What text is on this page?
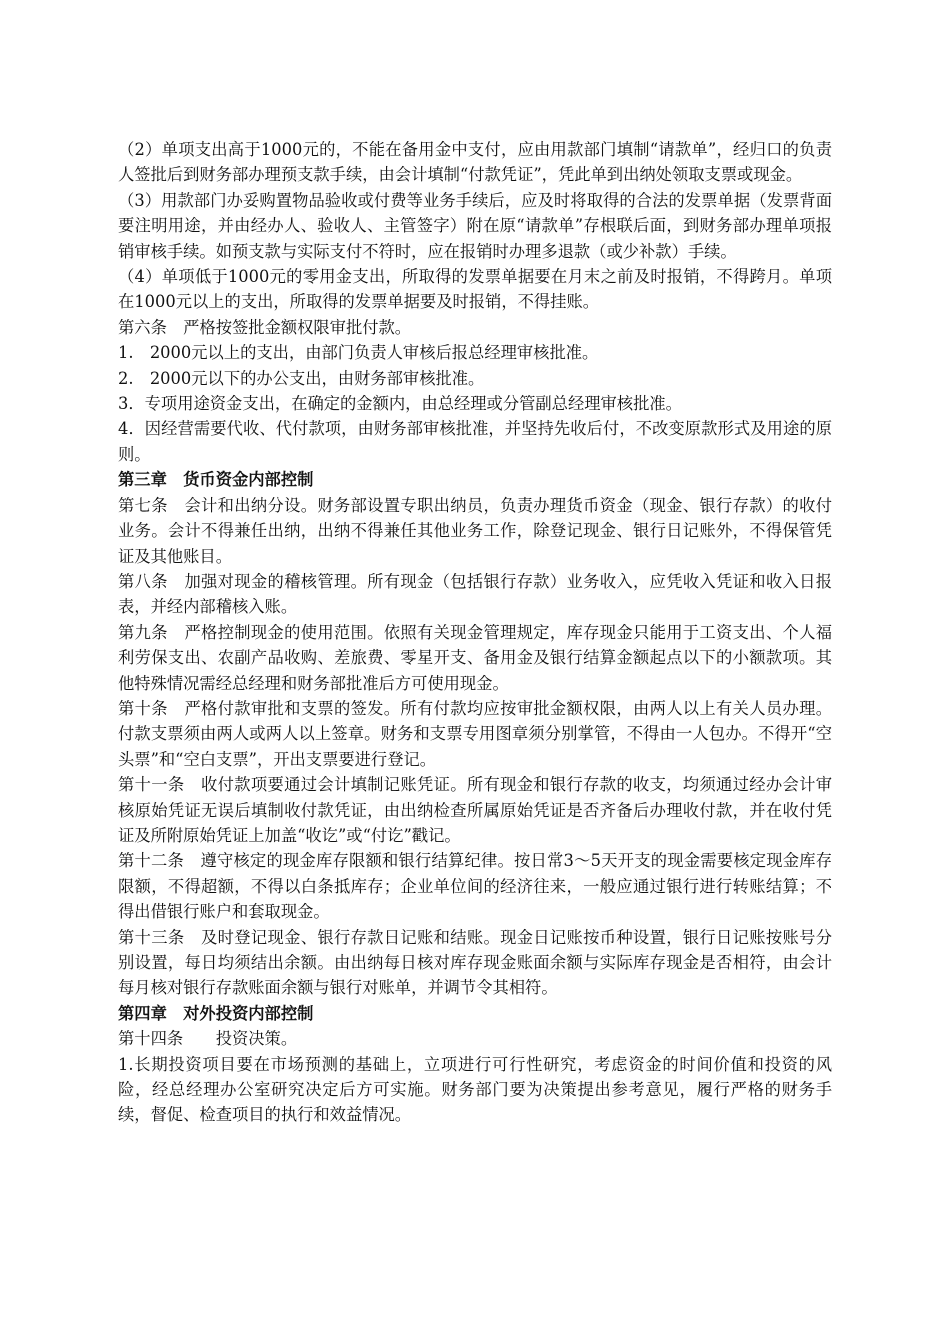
（2）单项支出高于1000元的，不能在备用金中支付，应由用款部门填制“请款单”，经归口的负责人签批后到财务部办理预支款手续，由会计填制“付款凭证”，凭此单到出纳处领取支票或现金。

（3）用款部门办妥购置物品验收或付费等业务手续后，应及时将取得的合法的发票单据（发票背面要注明用途，并由经办人、验收人、主管签字）附在原“请款单”存根联后面，到财务部办理单项报销审核手续。如预支款与实际支付不符时，应在报销时办理多退款（或少补款）手续。

（4）单项低于1000元的零用金支出，所取得的发票单据要在月末之前及时报销，不得跨月。单项在1000元以上的支出，所取得的发票单据要及时报销，不得挂账。

第六条　严格按签批金额权限审批付款。

1.　2000元以上的支出，由部门负责人审核后报总经理审核批准。

2.　2000元以下的办公支出，由财务部审核批准。

3．专项用途资金支出，在确定的金额内，由总经理或分管副总经理审核批准。

4．因经营需要代收、代付款项，由财务部审核批准，并坚持先收后付，不改变原款形式及用途的原则。

第三章　货币资金内部控制

第七条　会计和出纳分设。财务部设置专职出纳员，负责办理货币资金（现金、银行存款）的收付业务。会计不得兼任出纳，出纳不得兼任其他业务工作，除登记现金、银行日记账外，不得保管凭证及其他账目。

第八条　加强对现金的稽核管理。所有现金（包括银行存款）业务收入，应凭收入凭证和收入日报表，并经内部稽核入账。

第九条　严格控制现金的使用范围。依照有关现金管理规定，库存现金只能用于工资支出、个人福利劳保支出、农副产品收购、差旅费、零星开支、备用金及银行结算金额起点以下的小额款项。其他特殊情况需经总经理和财务部批准后方可使用现金。

第十条　严格付款审批和支票的签发。所有付款均应按审批金额权限，由两人以上有关人员办理。付款支票须由两人或两人以上签章。财务和支票专用图章须分别掌管，不得由一人包办。不得开“空头票”和“空白支票”，开出支票要进行登记。

第十一条　收付款项要通过会计填制记账凭证。所有现金和银行存款的收支，均须通过经办会计审核原始凭证无误后填制收付款凭证，由出纳检查所属原始凭证是否齐备后办理收付款，并在收付凭证及所附原始凭证上加盖“收讫”或“付讫”戳记。

第十二条　遵守核定的现金库存限额和银行结算纪律。按日常3～5天开支的现金需要核定现金库存限额，不得超额，不得以白条抵库存；企业单位间的经济往来，一般应通过银行进行转账结算；不得出借银行账户和套取现金。

第十三条　及时登记现金、银行存款日记账和结账。现金日记账按币种设置，银行日记账按账号分别设置，每日均须结出余额。由出纳每日核对库存现金账面余额与实际库存现金是否相符，由会计每月核对银行存款账面余额与银行对账单，并调节令其相符。

第四章　对外投资内部控制

第十四条　　投资决策。

1.长期投资项目要在市场预测的基础上，立项进行可行性研究，考虑资金的时间价值和投资的风险，经总经理办公室研究决定后方可实施。财务部门要为决策提出参考意见，履行严格的财务手续，督促、检查项目的执行和效益情况。
